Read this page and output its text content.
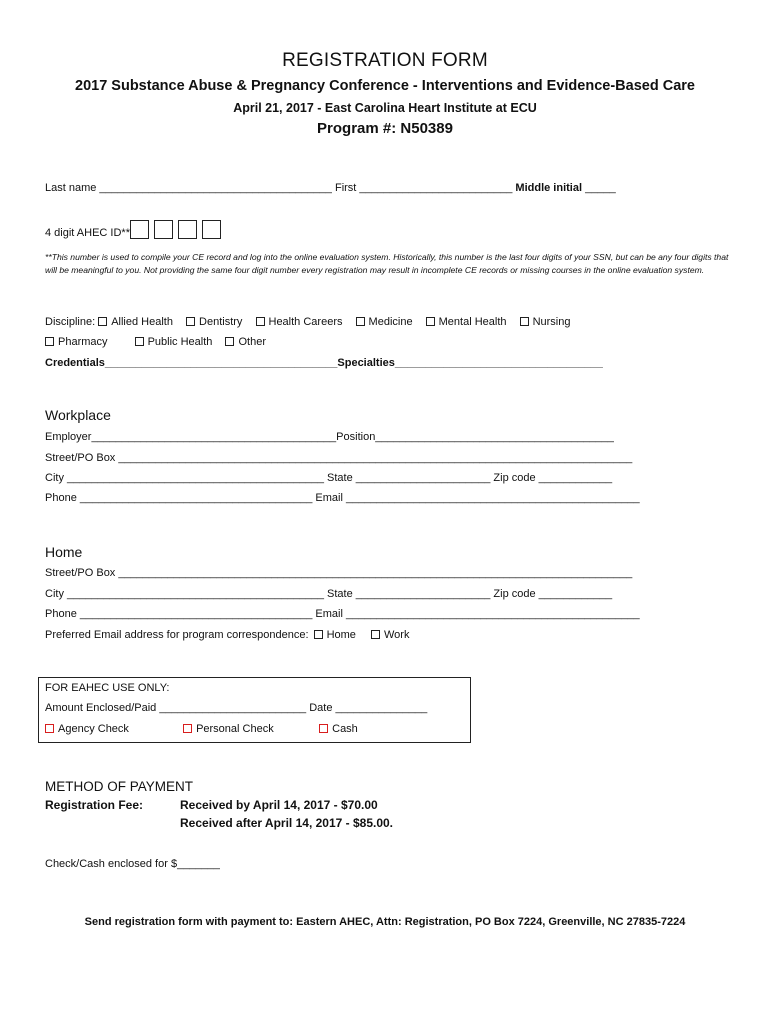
REGISTRATION FORM
2017 Substance Abuse & Pregnancy Conference - Interventions and Evidence-Based Care
April 21, 2017 - East Carolina Heart Institute at ECU
Program #: N50389
Last name ______________________________________ First _________________________ Middle initial _____
4 digit AHEC ID**
**This number is used to compile your CE record and log into the online evaluation system. Historically, this number is the last four digits of your SSN, but can be any four digits that will be meaningful to you. Not providing the same four digit number every registration may result in incomplete CE records or missing courses in the online evaluation system.
Discipline: Allied Health Dentistry Health Careers Medicine Mental Health Nursing
Pharmacy	Public Health Other
Credentials______________________________________Specialties__________________________________
Workplace
Employer________________________________________Position_______________________________________
Street/PO Box ____________________________________________________________________________________
City __________________________________________ State ______________________ Zip code ____________
Phone ______________________________________ Email ________________________________________________
Home
Street/PO Box ____________________________________________________________________________________
City __________________________________________ State ______________________ Zip code ____________
Phone ______________________________________ Email ________________________________________________
Preferred Email address for program correspondence: Home	Work
FOR EAHEC USE ONLY:
Amount Enclosed/Paid ________________________ Date _______________
Agency Check	Personal Check	Cash
METHOD OF PAYMENT
Registration Fee:	Received by April 14, 2017 - $70.00
Received after April 14, 2017 - $85.00.
Check/Cash enclosed for $_______
Send registration form with payment to: Eastern AHEC, Attn: Registration, PO Box 7224, Greenville, NC 27835-7224
